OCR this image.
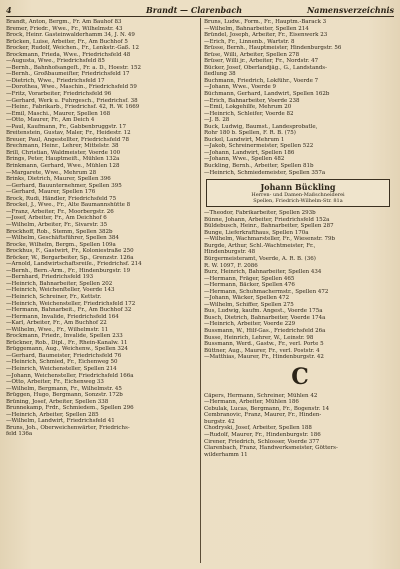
4	Brandt — Clarenbach	Namensverzeichnis
Brandt, Anton, Bergm., Fr. Am Bauhof 83
Bremer, Friedr., Wwe., Fr., Wilhelmstr. 43
Brock, Heinr. Gasteinwalderhamm 34, J. N. 49
Brücken, Luise, Arbeiter, Fr., Am Buchhof 5
Brocker, Rudolf, Weichen., Fr., Lenkstr.-Gaß. 12
Brockmann, Frieda, Wwe., Friedrichsfeld 48
—Augusta, Wwe., Friedrichsfeld 85
—Bernh., Bahnhofsangeſt., Fr. a. D., Hoestr. 152
—Bernh., Großbaumeiſter, Friedrichsfeld 17
—Dietrich, Wwe., Friedrichsfeld 17
—Dorothea, Wwe., Maschin., Friedrichsfeld 59
—Fritz, Vorarbeiter, Friedrichsfeld 96
—Gerhard, Werk u. Fuhrgesch., Friedrichsf. 38
—Heinr., Fabrikarb., Friedrichsf. 42, R. W. 1669
—Emil, Maschi., Maurer, Spellen 168
—Otto, Maurer, Fr., Am Deich 4
—Paul, Kaufmann, Fr., Gabbenbruggstr. 17
Breitenstein, Gustav, Maler, Fr., Heidestr. 12
Breuer, Paul, Angestellter, Friedrichsfeld 78
Brechmann, Heinr., Lehrer, Mittelstr. 38
Brill, Christian, Waldmeister, Voerde 100
Brings, Peter, Hauptmeiſt., Mühlen 132a
Brinkmann, Gerhard, Wwe., Mühlen 128
—Margarete, Wwe., Mehrum 28
Brinks, Dietrich, Maurer, Spellen 396
—Gerhard, Bauunternehmer, Spellen 395
—Gerhard, Maurer, Spellen 176
Brock, Rudi, Händler, Friedrichsfeld 75
Brockel, J., Wwe., Fr., Alte Baumannshütte 8
—Franz, Arbeiter, Fr., Moorbergstr. 26
—Josef, Arbeiter, Fr., Am Deichhof 6
—Wilhelm, Arbeiter, Fr., Sivarstr. 35
Brockhoff, Rob., Stemm, Spellen 382b
—Wilhelm, Geschäftsführer, Spellen 384
Brocke, Wilhelm, Bergm., Spellen 109a
Brockhus, F., Gastwirt, Fr., Koloniestraße 250
Bröcker, W., Bergarbeiter, Sp., Grenzstr. 126a
—Arnold, Landwirtschaftsreiſe., Friedrichsf. 214
—Bernh., Bern.-Arm., Fr., Hindenburgstr. 19
—Bernhard, Friedrichsfeld 193
—Heinrich, Bahnarbeiter, Spellen 202
—Heinrich, Weichenſteller, Voerde 143
—Heinrich, Schreiner, Fr., Kettstr.
—Heinrich, Weichensteller, Friedrichsfeld 172
—Hermann, Bahnarbeit., Fr., Am Buchhof 32
—Hermann, Invalide, Friedrichsfeld 164
—Karl, Arbeiter, Fr., Am Buchhof 22
—Wilhelm, Wwe., Fr., Wilhelmstr. 11
Brockmann, Friedr., Invalide, Spellen 233
Brückner, Rob., Dipl., Fr., Rhein-Kanalw. 11
Brüggemann, Aug., Weichenw., Spellen 324
—Gerhard, Baumeister, Friedrichsfeld 76
—Heinrich, Schmied, Fr., Eichenweg 50
—Heinrich, Weichensteller, Spellen 214
—Johann, Weichensteller, Friedrichsfeld 166a
—Otto, Arbeiter, Fr., Eichenweg 33
—Wilhelm, Bergmann, Fr., Wilhelmstr. 45
Brüggen, Hugo, Bergmann, Sonzstr. 172b
Brüning, Josef, Arbeiter, Spellen 338
Brunnekamp, Frdr., Schmiedem., Spellen 296
—Heinrich, Arbeiter, Spellen 285
—Wilhelm, Landwirt, Friedrichsfeld 41
Bruns, Joh., Oberweichenwärter, Friedrichs-
feld 136a
Bruns, Ludw., Form., Fr., Hauptm.-Barack 3
—Wilhelm, Bahnarbeiter, Spellen 214
Bründel, Joseph, Arbeiter, Fr., Eisenwerk 23
—Erich, Fr., Linnenb., Wartstr. 8
Brüsse, Bernh., Hauptmeister, Hindenburgstr. 56
Brüse, Willi, Arbeiter, Spellen 278
Brüser, Willi jr., Arbeiter, Fr., Nordstr. 47
Bücker, Josef, Oberlandjäg., G., Landstands-
ſiedlung 38
Buchmann, Friedrich, Lokführ., Voerde 7
—Johann, Wwe., Voerde 9
Büchmann, Gerhard, Landwirt, Spellen 162b
—Erich, Bahnarbeiter, Voerde 238
—Emil, Lokgehilfe, Mehrum 20
—Heinrich, Schleifer, Voerde 82
—J. B. 28
Buck, Ludwig, Baumst., Landesprobatle,
Rohr 180 b. Spellen, F. R. B. (75)
Buckel, Landwirt, Mehrum 1
—Jakob, Schreinermeister, Spellen 522
—Johann, Landwirt, Spellen 186
—Johann, Wwe., Spellen 482
Buckling, Bernh., Arbeiter, Spellen 81b
—Heinrich, Schmiedemeister, Spellen 357a
Johann Bückling
Herren- und Damen-Maßschneiderei
Spellen, Friedrich-Wilhelm-Str. 81a
—Theodor, Fabrikarbeiter, Spellen 293b
Bünne, Johann, Arbeiter, Friedrichsfeld 152a
Büldebusch, Heinr., Bahnarbeiter, Spellen 287
Bunge, Lieferkrafthaus, Spellen 170a
—Wilhelm, Wachmarsteller, Fr., Wiesenstr. 79b
Burgde, Arthur, Schl.-Wachtmeister, Fr.,
Hindenburgstr. 48
Bürgermeisteramt, Voerde, A. R. B. (36)
R. W. 1097, F. 2086
Burz, Heinrich, Bahnarbeiter, Spellen 434
—Hermann, Fräger, Spellen 465
—Hermann, Bäcker, Spellen 476
—Hermann, Schuhmachermstr., Spellen 472
—Johann, Wäcker, Spellen 472
—Wilhelm, Schiffer, Spellen 275
Bus, Ludwig, kaufm. Angest., Voerde 175a
Busch, Dietrich, Bahnarbeiter, Voerde 174a
—Heinrich, Arbeiter, Voerde 229
Bussmann, W., Hilf-Gas., Friedrichsfeld 26a
Busse, Heinrich, Lehrer, W., Leinstr. 98
Bussmann, Werd., Gastw., Fr., verl. Porte 5
Büttner, Aug., Maurer, Fr., verl. Poststr. 4
—Matthias, Maurer, Fr., Hindenburgstr. 42
C
Cäpers, Hermann, Schreiner, Mühlen 42
—Hermann, Arbeiter, Mühlen 186
Cebulak, Lucas, Bergmann, Fr., Bogenstr. 14
Cembranovic, Franz, Maurer, Fr., Hinden-
burgstr. 42
Chodryski, Josef, Arbeiter, Spellen 188
—Rudolf, Maurer, Fr., Hindenburgstr. 186
Cirener, Friedrich, Schlosser, Voerde 377
Clarenbach, Franz, Handwerksmeister, Götters-
wilderhamm 11
